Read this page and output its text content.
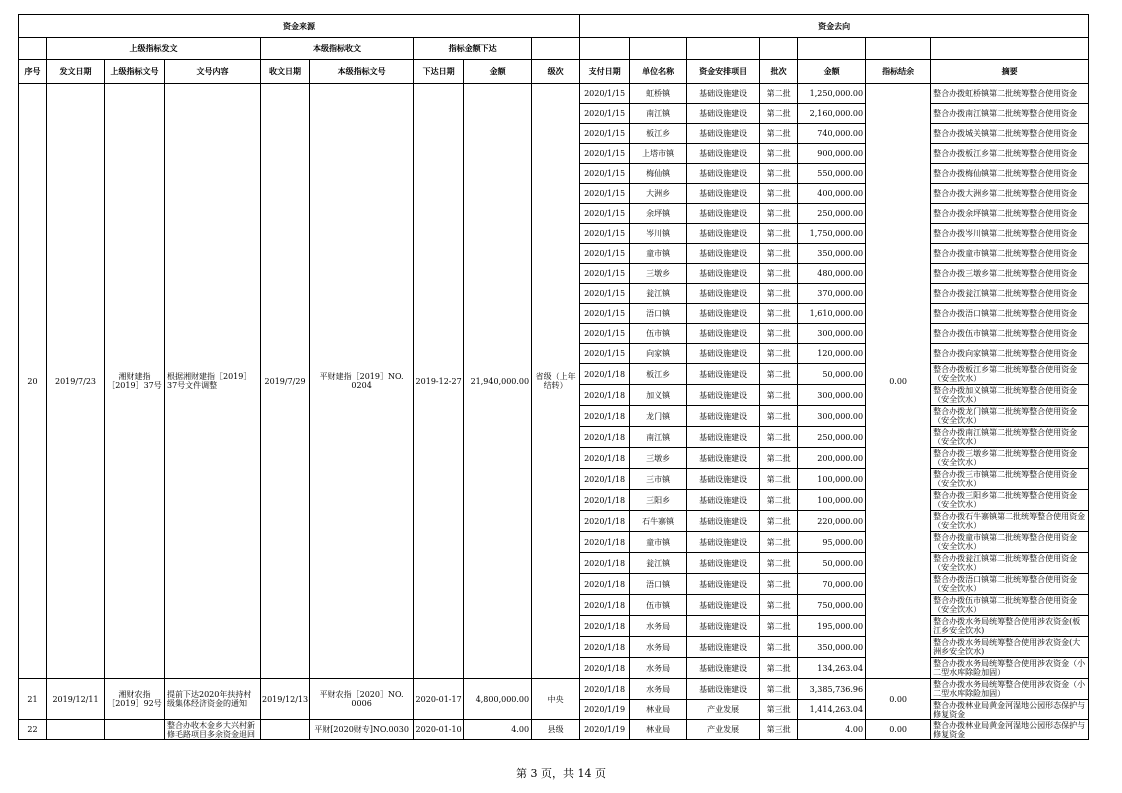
资金来源									资金去向						
	上级指标发文			本级指标收文		指标金额下达									
序号	发文日期	上级指标文号	文号内容	收文日期	本级指标文号	下达日期	金额	级次	支付日期	单位名称	资金安排项目	批次	金额	指标结余	摘要
20	2019/7/23	湘财建指［2019］37号	根据湘财建指［2019］37号文件调整	2019/7/29	平财建指［2019］NO. 0204	2019-12-27	21,940,000.00	省级（上年结转）	2020/1/15	虹桥镇	基础设施建设	第二批	1,250,000.00	0.00	整合办拨虹桥镇第二批统筹整合使用资金
									2020/1/15	南江镇	基础设施建设	第二批	2,160,000.00		整合办拨南江镇第二批统筹整合使用资金
									2020/1/15	板江乡	基础设施建设	第二批	740,000.00		整合办拨城关镇第二批统筹整合使用资金
									2020/1/15	上塔市镇	基础设施建设	第二批	900,000.00		整合办拨板江乡第二批统筹整合使用资金
									2020/1/15	梅仙镇	基础设施建设	第二批	550,000.00		整合办拨梅仙镇第二批统筹整合使用资金
									2020/1/15	大洲乡	基础设施建设	第二批	400,000.00		整合办拨大洲乡第二批统筹整合使用资金
									2020/1/15	余坪镇	基础设施建设	第二批	250,000.00		整合办拨余坪镇第二批统筹整合使用资金
									2020/1/15	岑川镇	基础设施建设	第二批	1,750,000.00		整合办拨岑川镇第二批统筹整合使用资金
									2020/1/15	童市镇	基础设施建设	第二批	350,000.00		整合办拨童市镇第二批统筹整合使用资金
									2020/1/15	三墩乡	基础设施建设	第二批	480,000.00		整合办拨三墩乡第二批统筹整合使用资金
									2020/1/15	瓮江镇	基础设施建设	第二批	370,000.00		整合办拨瓮江镇第二批统筹整合使用资金
									2020/1/15	浯口镇	基础设施建设	第二批	1,610,000.00		整合办拨浯口镇第二批统筹整合使用资金
									2020/1/15	伍市镇	基础设施建设	第二批	300,000.00		整合办拨伍市镇第二批统筹整合使用资金
									2020/1/15	向家镇	基础设施建设	第二批	120,000.00		整合办拨向家镇第二批统筹整合使用资金
									2020/1/18	板江乡	基础设施建设	第二批	50,000.00		整合办拨板江乡第二批统筹整合使用资金（安全饮水）
									2020/1/18	加义镇	基础设施建设	第二批	300,000.00		整合办拨加义镇第二批统筹整合使用资金（安全饮水）
									2020/1/18	龙门镇	基础设施建设	第二批	300,000.00		整合办拨龙门镇第二批统筹整合使用资金（安全饮水）
									2020/1/18	南江镇	基础设施建设	第二批	250,000.00		整合办拨南江镇第二批统筹整合使用资金（安全饮水）
									2020/1/18	三墩乡	基础设施建设	第二批	200,000.00		整合办拨三墩乡第二批统筹整合使用资金（安全饮水）
									2020/1/18	三市镇	基础设施建设	第二批	100,000.00		整合办拨三市镇第二批统筹整合使用资金（安全饮水）
									2020/1/18	三阳乡	基础设施建设	第二批	100,000.00		整合办拨三阳乡第二批统筹整合使用资金（安全饮水）
									2020/1/18	石牛寨镇	基础设施建设	第二批	220,000.00		整合办拨石牛寨镇第二批统筹整合使用资金（安全饮水）
									2020/1/18	童市镇	基础设施建设	第二批	95,000.00		整合办拨童市镇第二批统筹整合使用资金（安全饮水）
									2020/1/18	瓮江镇	基础设施建设	第二批	50,000.00		整合办拨瓮江镇第二批统筹整合使用资金（安全饮水）
									2020/1/18	浯口镇	基础设施建设	第二批	70,000.00		整合办拨浯口镇第二批统筹整合使用资金（安全饮水）
									2020/1/18	伍市镇	基础设施建设	第二批	750,000.00		整合办拨伍市镇第二批统筹整合使用资金（安全饮水）
									2020/1/18	水务局	基础设施建设	第二批	195,000.00		整合办拨水务局统筹整合使用涉农资金(板江乡安全饮水)
									2020/1/18	水务局	基础设施建设	第二批	350,000.00		整合办拨水务局统筹整合使用涉农资金(大洲乡安全饮水)
									2020/1/18	水务局	基础设施建设	第二批	134,263.04		整合办拨水务局统筹整合使用涉农资金（小二型水库除险加固）
21	2019/12/11	湘财农指［2019］92号	提前下达2020年扶持村级集体经济资金的通知	2019/12/13	平财农指［2020］NO. 0006	2020-01-17	4,800,000.00	中央	2020/1/18	水务局	基础设施建设	第二批	3,385,736.96	0.00	整合办拨水务局统筹整合使用涉农资金（小二型水库除险加固）
									2020/1/19	林业局	产业发展	第三批	1,414,263.04		整合办拨林业局黄金河湿地公园形态保护与修复资金
22			整合办收木金乡大兴村新修毛路项目多余资金退回		平财[2020财专]NO.0030	2020-01-10	4.00	县级	2020/1/19	林业局	产业发展	第三批	4.00	0.00	整合办拨林业局黄金河湿地公园形态保护与修复资金
第 3 页，共 14 页
